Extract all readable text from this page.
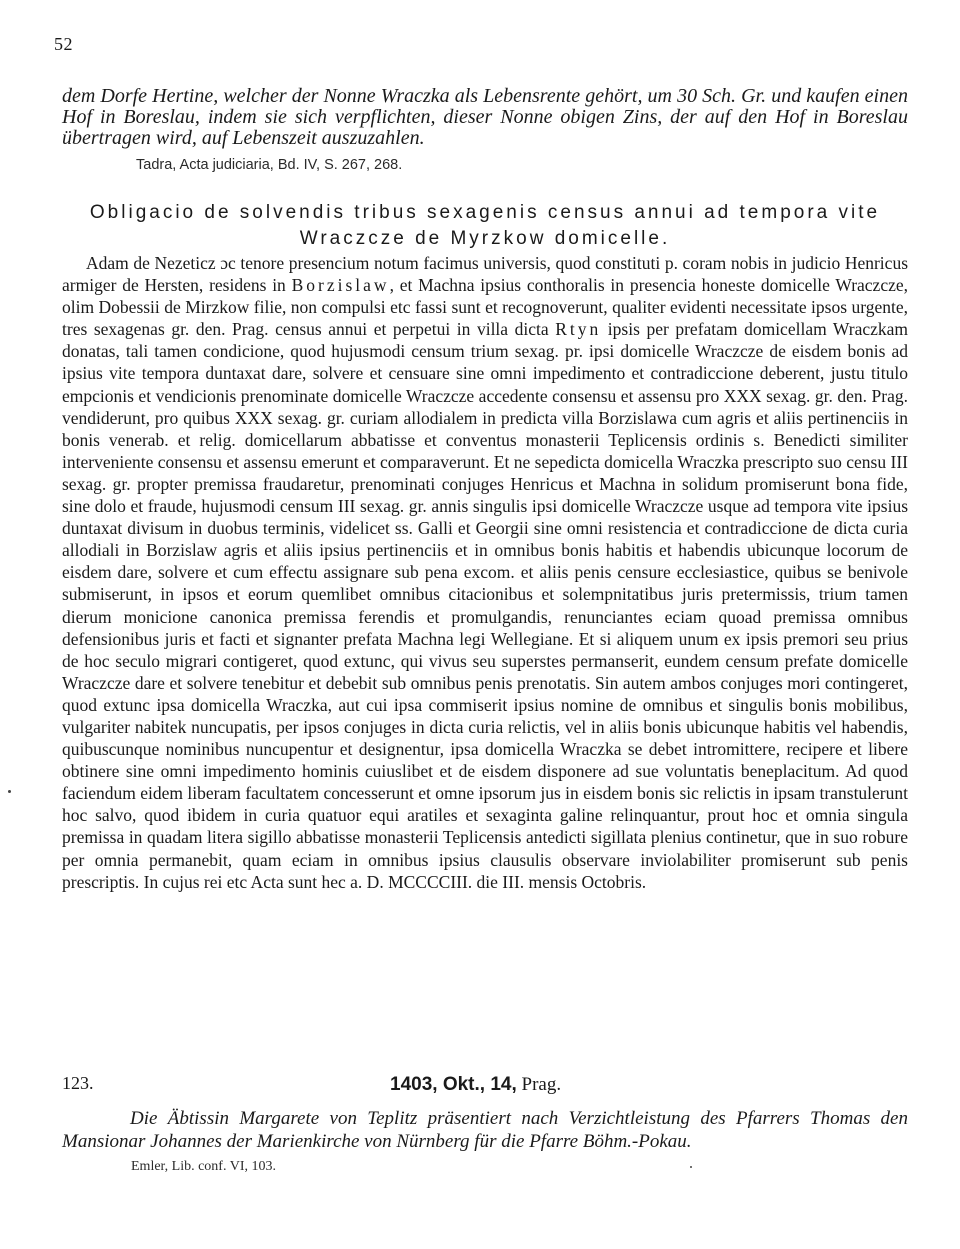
52
dem Dorfe Hertine, welcher der Nonne Wraczka als Lebensrente gehört, um 30 Sch. Gr. und kaufen einen Hof in Boreslau, indem sie sich verpflichten, dieser Nonne obigen Zins, der auf den Hof in Boreslau übertragen wird, auf Lebenszeit auszuzahlen.
Tadra, Acta judiciaria, Bd. IV, S. 267, 268.
Obligacio de solvendis tribus sexagenis census annui ad tempora vite Wraczcze de Myrzkow domicelle.
Adam de Nezeticz ɔc tenore presencium notum facimus universis, quod constituti p. coram nobis in judicio Henricus armiger de Hersten, residens in Borzislaw, et Machna ipsius conthoralis in presencia honeste domicelle Wraczcze, olim Dobessii de Mirzkow filie, non compulsi etc fassi sunt et recognoverunt, qualiter evidenti necessitate ipsos urgente, tres sexagenas gr. den. Prag. census annui et perpetui in villa dicta Rtyn ipsis per prefatam domicellam Wraczkam donatas, tali tamen condicione, quod hujusmodi censum trium sexag. pr. ipsi domicelle Wraczcze de eisdem bonis ad ipsius vite tempora duntaxat dare, solvere et censuare sine omni impedimento et contradiccione deberent, justu titulo empcionis et vendicionis prenominate domicelle Wraczcze accedente consensu et assensu pro XXX sexag. gr. den. Prag. vendiderunt, pro quibus XXX sexag. gr. curiam allodialem in predicta villa Borzislawa cum agris et aliis pertinenciis in bonis venerab. et relig. domicellarum abbatisse et conventus monasterii Teplicensis ordinis s. Benedicti similiter interveniente consensu et assensu emerunt et comparaverunt. Et ne sepedicta domicella Wraczka prescripto suo censu III sexag. gr. propter premissa fraudaretur, prenominati conjuges Henricus et Machna in solidum promiserunt bona fide, sine dolo et fraude, hujusmodi censum III sexag. gr. annis singulis ipsi domicelle Wraczcze usque ad tempora vite ipsius duntaxat divisum in duobus terminis, videlicet ss. Galli et Georgii sine omni resistencia et contradiccione de dicta curia allodiali in Borzislaw agris et aliis ipsius pertinenciis et in omnibus bonis habitis et habendis ubicunque locorum de eisdem dare, solvere et cum effectu assignare sub pena excom. et aliis penis censure ecclesiastice, quibus se benivole submiserunt, in ipsos et eorum quemlibet omnibus citacionibus et solempnitatibus juris pretermissis, trium tamen dierum monicione canonica premissa ferendis et promulgandis, renunciantes eciam quoad premissa omnibus defensionibus juris et facti et signanter prefata Machna legi Wellegiane. Et si aliquem unum ex ipsis premori seu prius de hoc seculo migrari contigeret, quod extunc, qui vivus seu superstes permanserit, eundem censum prefate domicelle Wraczcze dare et solvere tenebitur et debebit sub omnibus penis prenotatis. Sin autem ambos conjuges mori contingeret, quod extunc ipsa domicella Wraczka, aut cui ipsa commiserit ipsius nomine de omnibus et singulis bonis mobilibus, vulgariter nabitek nuncupatis, per ipsos conjuges in dicta curia relictis, vel in aliis bonis ubicunque habitis vel habendis, quibuscunque nominibus nuncupentur et designentur, ipsa domicella Wraczka se debet intromittere, recipere et libere obtinere sine omni impedimento hominis cuiuslibet et de eisdem disponere ad sue voluntatis beneplacitum. Ad quod faciendum eidem liberam facultatem concesserunt et omne ipsorum jus in eisdem bonis sic relictis in ipsam transtulerunt hoc salvo, quod ibidem in curia quatuor equi aratiles et sexaginta galine relinquantur, prout hoc et omnia singula premissa in quadam litera sigillo abbatisse monasterii Teplicensis antedicti sigillata plenius continetur, que in suo robure per omnia permanebit, quam eciam in omnibus ipsius clausulis observare inviolabiliter promiserunt sub penis prescriptis. In cujus rei etc Acta sunt hec a. D. MCCCCIII. die III. mensis Octobris.
123.	1403, Okt., 14, Prag.
Die Äbtissin Margarete von Teplitz präsentiert nach Verzichtleistung des Pfarrers Thomas den Mansionar Johannes der Marienkirche von Nürnberg für die Pfarre Böhm.-Pokau.
Emler, Lib. conf. VI, 103.
